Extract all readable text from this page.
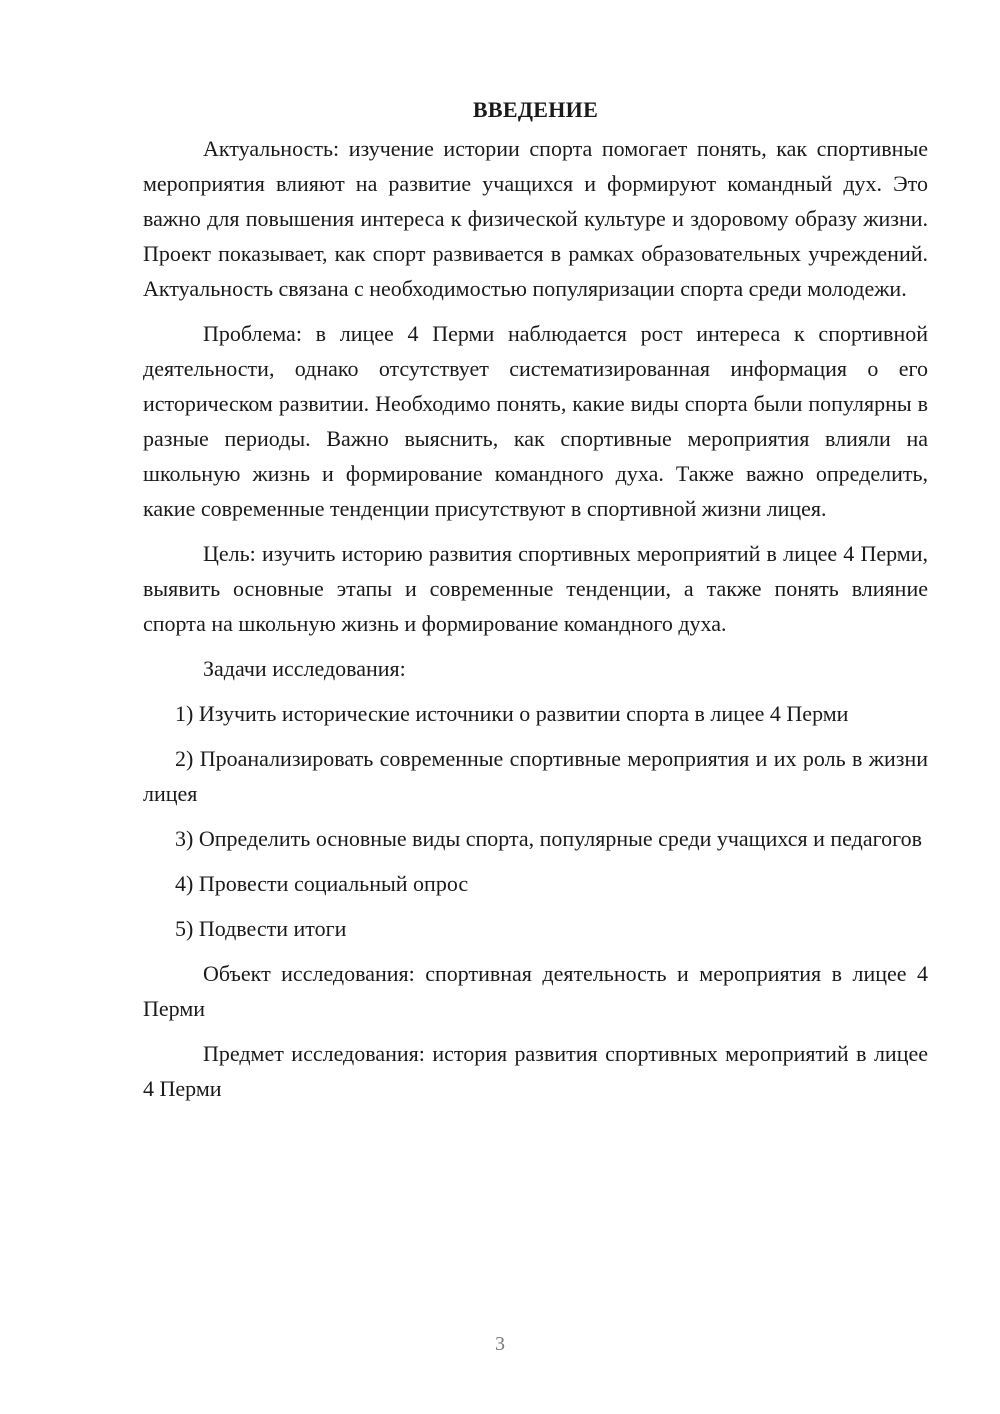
ВВЕДЕНИЕ

Актуальность: изучение истории спорта помогает понять, как спортивные мероприятия влияют на развитие учащихся и формируют командный дух. Это важно для повышения интереса к физической культуре и здоровому образу жизни. Проект показывает, как спорт развивается в рамках образовательных учреждений. Актуальность связана с необходимостью популяризации спорта среди молодежи.

Проблема: в лицее 4 Перми наблюдается рост интереса к спортивной деятельности, однако отсутствует систематизированная информация о его историческом развитии. Необходимо понять, какие виды спорта были популярны в разные периоды. Важно выяснить, как спортивные мероприятия влияли на школьную жизнь и формирование командного духа. Также важно определить, какие современные тенденции присутствуют в спортивной жизни лицея.

Цель: изучить историю развития спортивных мероприятий в лицее 4 Перми, выявить основные этапы и современные тенденции, а также понять влияние спорта на школьную жизнь и формирование командного духа.

Задачи исследования:

1) Изучить исторические источники о развитии спорта в лицее 4 Перми

2) Проанализировать современные спортивные мероприятия и их роль в жизни лицея

3) Определить основные виды спорта, популярные среди учащихся и педагогов

4) Провести социальный опрос

5) Подвести итоги

Объект исследования: спортивная деятельность и мероприятия в лицее 4 Перми

Предмет исследования: история развития спортивных мероприятий в лицее 4 Перми

3
